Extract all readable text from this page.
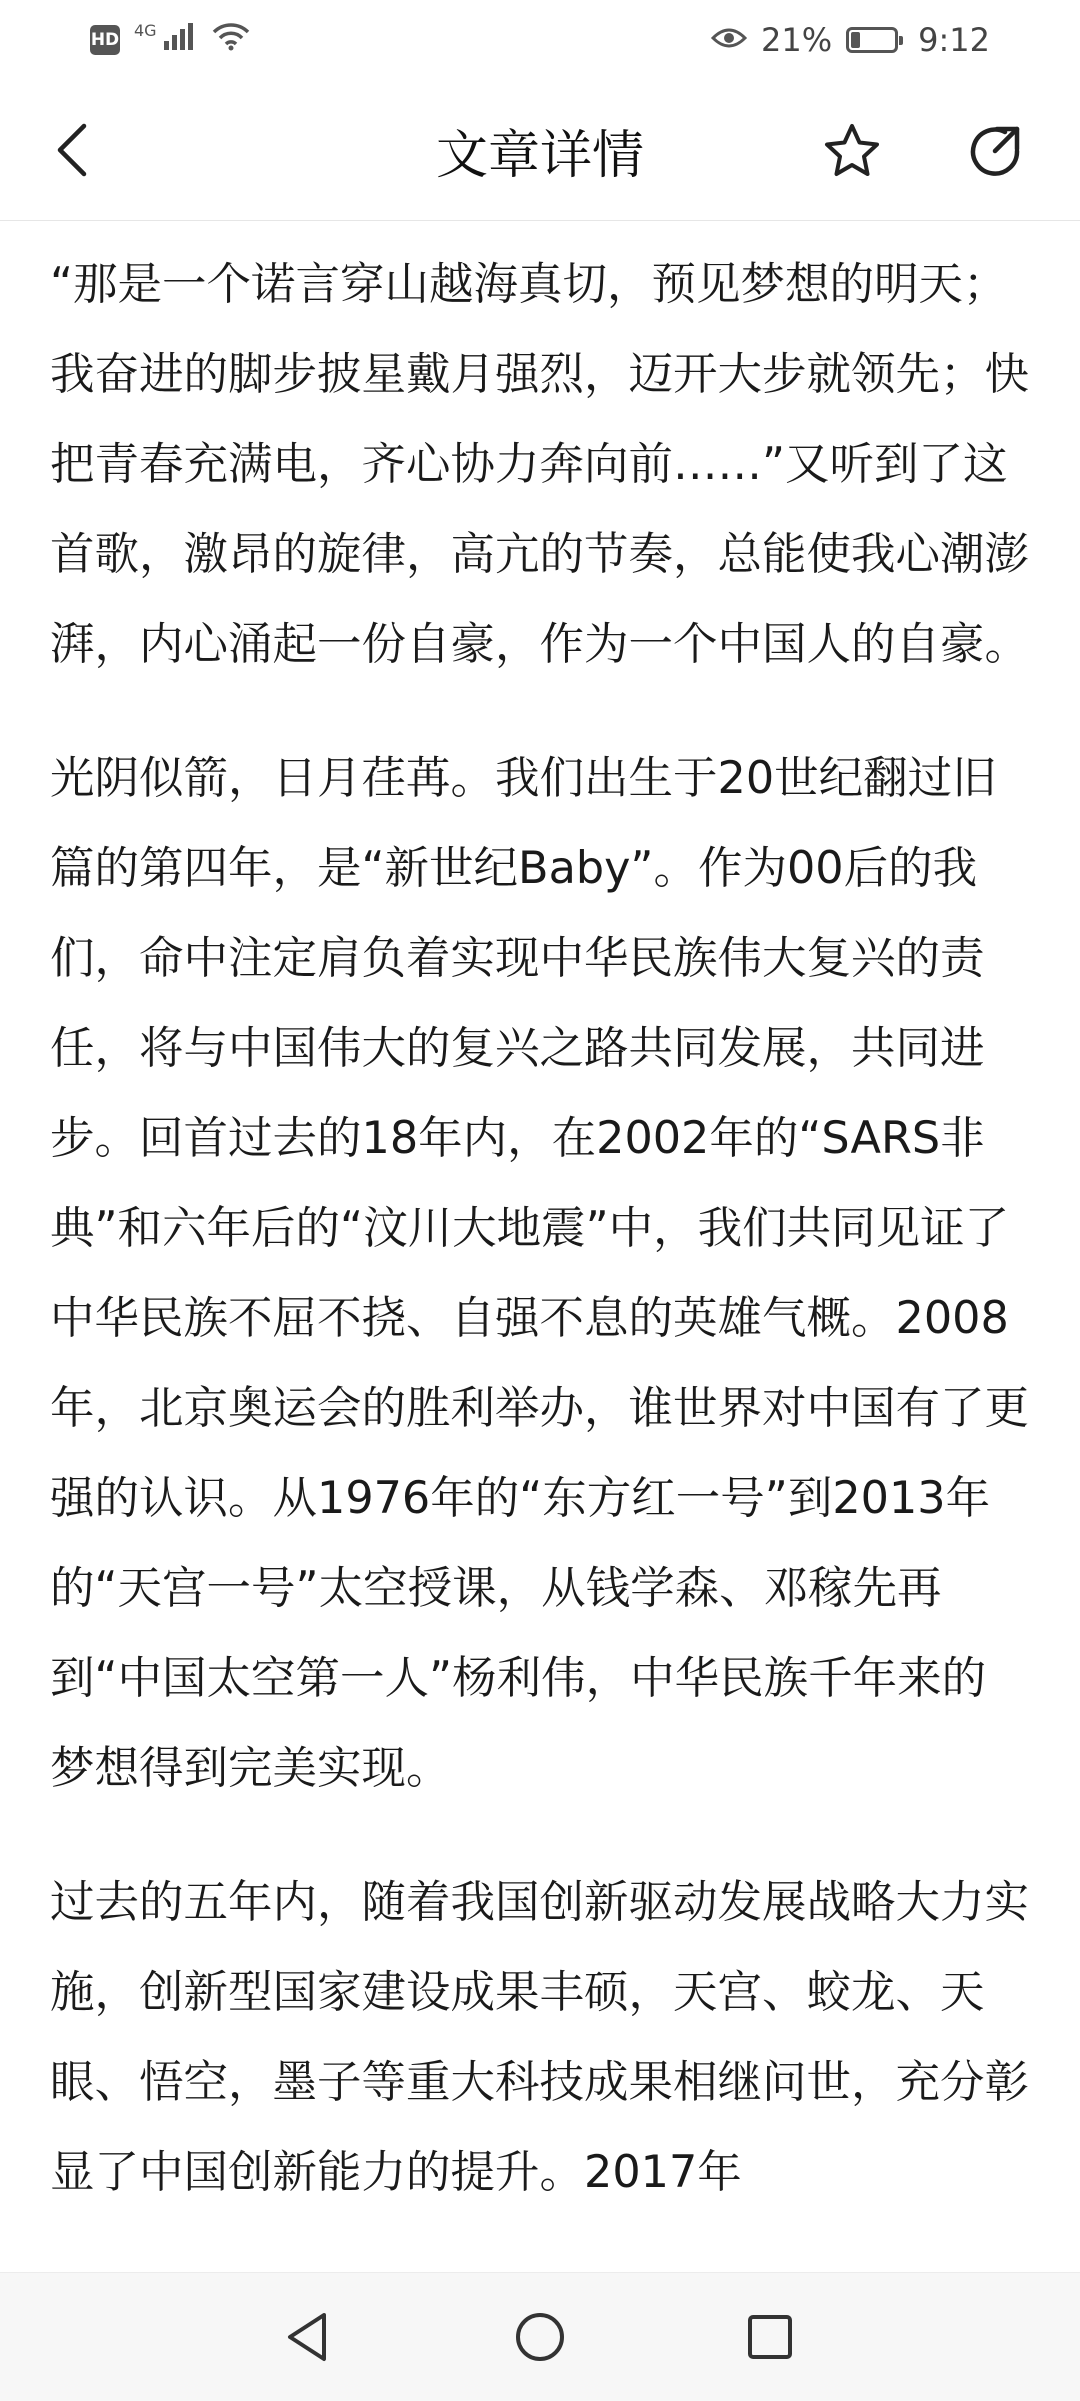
HD 4G	21%	9:12
文章详情

“那是一个诺言穿山越海真切，预见梦想的明天；我奋进的脚步披星戴月强烈，迈开大步就领先；快把青春充满电，齐心协力奔向前……”又听到了这首歌，激昂的旋律，高亢的节奏，总能使我心潮澎湃，内心涌起一份自豪，作为一个中国人的自豪。

光阴似箭，日月荏苒。我们出生于20世纪翻过旧篇的第四年，是“新世纪Baby”。作为00后的我们，命中注定肩负着实现中华民族伟大复兴的责任，将与中国伟大的复兴之路共同发展，共同进步。回首过去的18年内，在2002年的“SARS非典”和六年后的“汶川大地震”中，我们共同见证了中华民族不屈不挠、自强不息的英雄气概。2008年，北京奥运会的胜利举办，谁世界对中国有了更强的认识。从1976年的“东方红一号”到2013年的“天宫一号”太空授课，从钱学森、邓稼先再到“中国太空第一人”杨利伟，中华民族千年来的梦想得到完美实现。

过去的五年内，随着我国创新驱动发展战略大力实施，创新型国家建设成果丰硕，天宫、蛟龙、天眼、悟空，墨子等重大科技成果相继问世，充分彰显了中国创新能力的提升。2017年
